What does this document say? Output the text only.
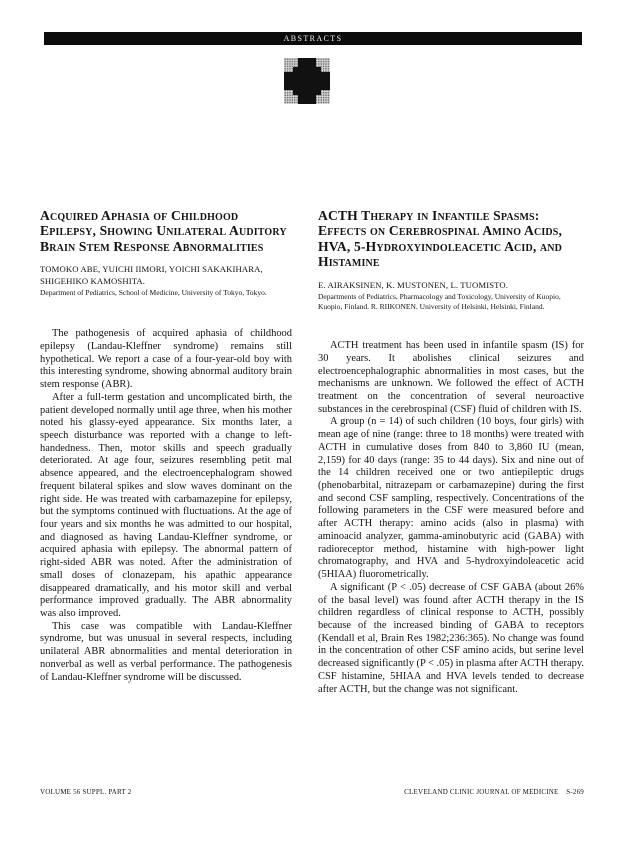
ABSTRACTS
Acquired Aphasia of Childhood Epilepsy, Showing Unilateral Auditory Brain Stem Response Abnormalities
TOMOKO ABE, YUICHI IIMORI, YOICHI SAKAKIHARA,
SHIGEHIKO KAMOSHITA.
Department of Pediatrics, School of Medicine, University of Tokyo, Tokyo.

The pathogenesis of acquired aphasia of childhood epilepsy (Landau-Kleffner syndrome) remains still hypothetical. We report a case of a four-year-old boy with this interesting syndrome, showing abnormal auditory brain stem response (ABR).

After a full-term gestation and uncomplicated birth, the patient developed normally until age three, when his mother noted his glassy-eyed appearance. Six months later, a speech disturbance was reported with a change to left-handedness. Then, motor skills and speech gradually deteriorated. At age four, seizures resembling petit mal absence appeared, and the electroencephalogram showed frequent bilateral spikes and slow waves dominant on the right side. He was treated with carbamazepine for epilepsy, but the symptoms continued with fluctuations. At the age of four years and six months he was admitted to our hospital, and diagnosed as having Landau-Kleffner syndrome, or acquired aphasia with epilepsy. The abnormal pattern of right-sided ABR was noted. After the administration of small doses of clonazepam, his apathic appearance disappeared dramatically, and his motor skill and verbal performance improved gradually. The ABR abnormality was also improved.

This case was compatible with Landau-Kleffner syndrome, but was unusual in several respects, including unilateral ABR abnormalities and mental deterioration in nonverbal as well as verbal performance. The pathogenesis of Landau-Kleffner syndrome will be discussed.

ACTH Therapy in Infantile Spasms: Effects on Cerebrospinal Amino Acids, HVA, 5-Hydroxyindoleacetic Acid, and Histamine
E. AIRAKSINEN, K. MUSTONEN, L. TUOMISTO.
Departments of Pediatrics, Pharmacology and Toxicology, University of Kuopio, Kuopio, Finland. R. RIIKONEN. University of Helsinki, Helsinki, Finland.

ACTH treatment has been used in infantile spasm (IS) for 30 years. It abolishes clinical seizures and electroencephalographic abnormalities in most cases, but the mechanisms are unknown. We followed the effect of ACTH treatment on the concentration of several neuroactive substances in the cerebrospinal (CSF) fluid of children with IS.

A group (n = 14) of such children (10 boys, four girls) with mean age of nine (range: three to 18 months) were treated with ACTH in cumulative doses from 840 to 3,860 IU (mean, 2,159) for 40 days (range: 35 to 44 days). Six and nine out of the 14 children received one or two antiepileptic drugs (phenobarbital, nitrazepam or carbamazepine) during the first and second CSF sampling, respectively. Concentrations of the following parameters in the CSF were measured before and after ACTH therapy: amino acids (also in plasma) with aminoacid analyzer, gamma-aminobutyric acid (GABA) with radioreceptor method, histamine with high-power light chromatography, and HVA and 5-hydroxyindoleacetic acid (5HIAA) fluorometrically.

A significant (P < .05) decrease of CSF GABA (about 26% of the basal level) was found after ACTH therapy in the IS children regardless of clinical response to ACTH, possibly because of the increased binding of GABA to receptors (Kendall et al, Brain Res 1982;236:365). No change was found in the concentration of other CSF amino acids, but serine level decreased significantly (P < .05) in plasma after ACTH therapy. CSF histamine, 5HIAA and HVA levels tended to decrease after ACTH, but the change was not significant.

VOLUME 56 SUPPL. PART 2	CLEVELAND CLINIC JOURNAL OF MEDICINE    S-269
